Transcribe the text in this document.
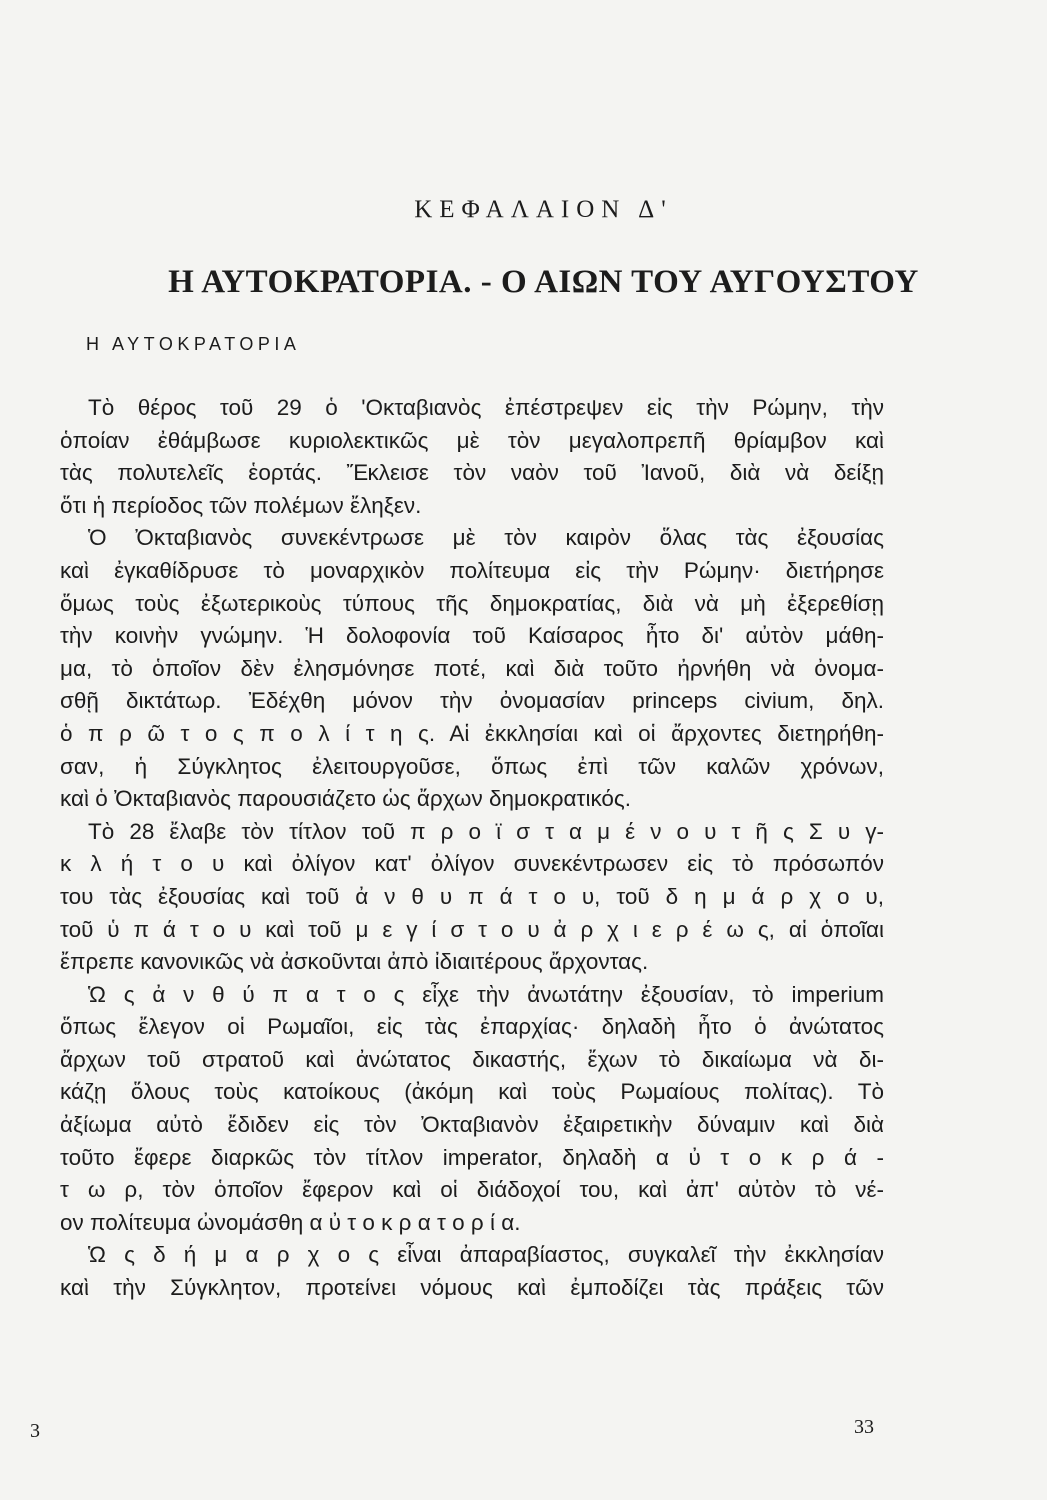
ΚΕΦΑΛΑΙΟΝ Δ'
Η ΑΥΤΟΚΡΑΤΟΡΙΑ. - Ο ΑΙΩΝ ΤΟΥ ΑΥΓΟΥΣΤΟΥ
Η ΑΥΤΟΚΡΑΤΟΡΙΑ

Τὸ θέρος τοῦ 29 ὁ 'Οκταβιανὸς ἐπέστρεψεν εἰς τὴν Ρώμην, τὴν
ὁποίαν ἐθάμβωσε κυριολεκτικῶς μὲ τὸν μεγαλοπρεπῆ θρίαμβον καὶ
τὰς πολυτελεῖς ἑορτάς. Ἔκλεισε τὸν ναὸν τοῦ Ἰανοῦ, διὰ νὰ δείξῃ
ὅτι ἡ περίοδος τῶν πολέμων ἔληξεν.

Ὁ Ὀκταβιανὸς συνεκέντρωσε μὲ τὸν καιρὸν ὅλας τὰς ἐξουσίας
καὶ ἐγκαθίδρυσε τὸ μοναρχικὸν πολίτευμα εἰς τὴν Ρώμην· διετήρησε
ὅμως τοὺς ἐξωτερικοὺς τύπους τῆς δημοκρατίας, διὰ νὰ μὴ ἐξερεθίσῃ
τὴν κοινὴν γνώμην. Ἡ δολοφονία τοῦ Καίσαρος ἦτο δι' αὐτὸν μάθη-
μα, τὸ ὁποῖον δὲν ἐλησμόνησε ποτέ, καὶ διὰ τοῦτο ἠρνήθη νὰ ὀνομα-
σθῇ δικτάτωρ. Ἐδέχθη μόνον τὴν ὀνομασίαν princeps civium, δηλ.
ὁ π ρ ῶ τ ο ς π ο λ ί τ η ς. Αἱ ἐκκλησίαι καὶ οἱ ἄρχοντες διετηρήθη-
σαν, ἡ Σύγκλητος ἐλειτουργοῦσε, ὅπως ἐπὶ τῶν καλῶν χρόνων,
καὶ ὁ Ὀκταβιανὸς παρουσιάζετο ὡς ἄρχων δημοκρατικός.

Τὸ 28 ἔλαβε τὸν τίτλον τοῦ π ρ ο ϊ σ τ α μ έ ν ο υ τ ῆ ς Σ υ γ-
κ λ ή τ ο υ καὶ ὀλίγον κατ' ὀλίγον συνεκέντρωσεν εἰς τὸ πρόσωπόν
του τὰς ἐξουσίας καὶ τοῦ ἀ ν θ υ π ά τ ο υ, τοῦ δ η μ ά ρ χ ο υ,
τοῦ ὑ π ά τ ο υ καὶ τοῦ μ ε γ ί σ τ ο υ ἀ ρ χ ι ε ρ έ ω ς, αἱ ὁποῖαι
ἔπρεπε κανονικῶς νὰ ἀσκοῦνται ἀπὸ ἰδιαιτέρους ἄρχοντας.

Ὡ ς ἀ ν θ ύ π α τ ο ς εἶχε τὴν ἀνωτάτην ἐξουσίαν, τὸ imperium
ὅπως ἔλεγον οἱ Ρωμαῖοι, εἰς τὰς ἐπαρχίας· δηλαδὴ ἦτο ὁ ἀνώτατος
ἄρχων τοῦ στρατοῦ καὶ ἀνώτατος δικαστής, ἔχων τὸ δικαίωμα νὰ δι-
κάζῃ ὅλους τοὺς κατοίκους (ἀκόμη καὶ τοὺς Ρωμαίους πολίτας). Τὸ
ἀξίωμα αὐτὸ ἔδιδεν εἰς τὸν Ὀκταβιανὸν ἐξαιρετικὴν δύναμιν καὶ διὰ
τοῦτο ἔφερε διαρκῶς τὸν τίτλον imperator, δηλαδὴ α ὐ τ ο κ ρ ά -
τ ω ρ, τὸν ὁποῖον ἔφερον καὶ οἱ διάδοχοί του, καὶ ἀπ' αὐτὸν τὸ νέ-
ον πολίτευμα ὠνομάσθη α ὐ τ ο κ ρ α τ ο ρ ί α.

Ὡ ς δ ή μ α ρ χ ο ς εἶναι ἀπαραβίαστος, συγκαλεῖ τὴν ἐκκλησίαν
καὶ τὴν Σύγκλητον, προτείνει νόμους καὶ ἐμποδίζει τὰς πράξεις τῶν

3	33
